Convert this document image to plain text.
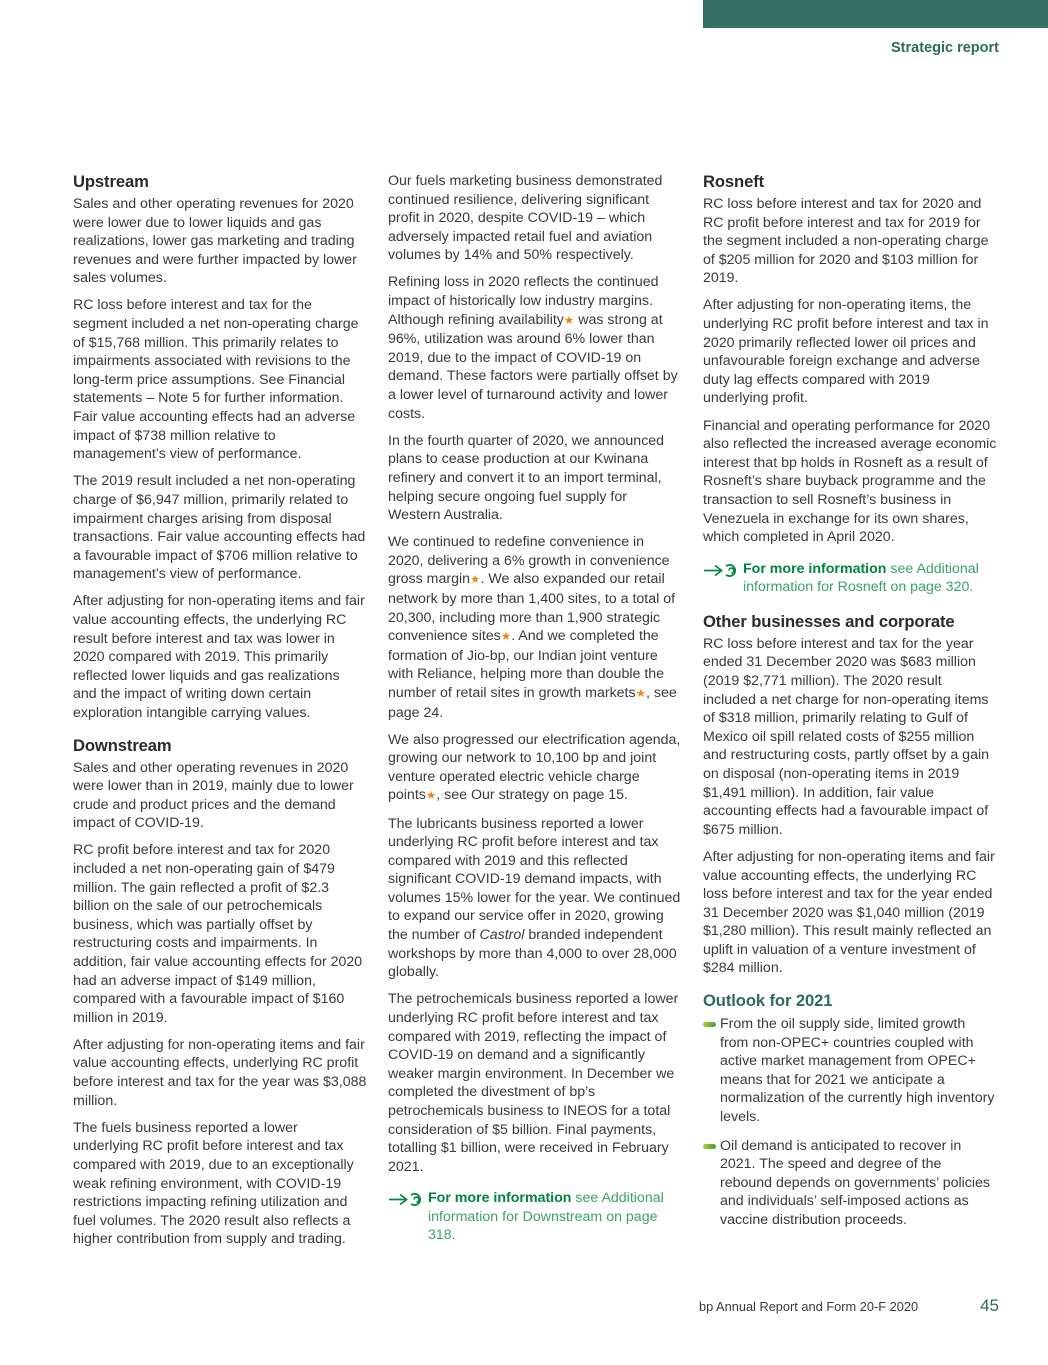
Strategic report
Upstream

Sales and other operating revenues for 2020 were lower due to lower liquids and gas realizations, lower gas marketing and trading revenues and were further impacted by lower sales volumes.

RC loss before interest and tax for the segment included a net non-operating charge of $15,768 million. This primarily relates to impairments associated with revisions to the long-term price assumptions. See Financial statements – Note 5 for further information. Fair value accounting effects had an adverse impact of $738 million relative to management’s view of performance.

The 2019 result included a net non-operating charge of $6,947 million, primarily related to impairment charges arising from disposal transactions. Fair value accounting effects had a favourable impact of $706 million relative to management’s view of performance.

After adjusting for non-operating items and fair value accounting effects, the underlying RC result before interest and tax was lower in 2020 compared with 2019. This primarily reflected lower liquids and gas realizations and the impact of writing down certain exploration intangible carrying values.

Downstream

Sales and other operating revenues in 2020 were lower than in 2019, mainly due to lower crude and product prices and the demand impact of COVID-19.

RC profit before interest and tax for 2020 included a net non-operating gain of $479 million. The gain reflected a profit of $2.3 billion on the sale of our petrochemicals business, which was partially offset by restructuring costs and impairments. In addition, fair value accounting effects for 2020 had an adverse impact of $149 million, compared with a favourable impact of $160 million in 2019.

After adjusting for non-operating items and fair value accounting effects, underlying RC profit before interest and tax for the year was $3,088 million.

The fuels business reported a lower underlying RC profit before interest and tax compared with 2019, due to an exceptionally weak refining environment, with COVID-19 restrictions impacting refining utilization and fuel volumes. The 2020 result also reflects a higher contribution from supply and trading.

Our fuels marketing business demonstrated continued resilience, delivering significant profit in 2020, despite COVID-19 – which adversely impacted retail fuel and aviation volumes by 14% and 50% respectively.

Refining loss in 2020 reflects the continued impact of historically low industry margins. Although refining availability★ was strong at 96%, utilization was around 6% lower than 2019, due to the impact of COVID-19 on demand. These factors were partially offset by a lower level of turnaround activity and lower costs.

In the fourth quarter of 2020, we announced plans to cease production at our Kwinana refinery and convert it to an import terminal, helping secure ongoing fuel supply for Western Australia.

We continued to redefine convenience in 2020, delivering a 6% growth in convenience gross margin★. We also expanded our retail network by more than 1,400 sites, to a total of 20,300, including more than 1,900 strategic convenience sites★. And we completed the formation of Jio-bp, our Indian joint venture with Reliance, helping more than double the number of retail sites in growth markets★, see page 24.

We also progressed our electrification agenda, growing our network to 10,100 bp and joint venture operated electric vehicle charge points★, see Our strategy on page 15.

The lubricants business reported a lower underlying RC profit before interest and tax compared with 2019 and this reflected significant COVID-19 demand impacts, with volumes 15% lower for the year. We continued to expand our service offer in 2020, growing the number of Castrol branded independent workshops by more than 4,000 to over 28,000 globally.

The petrochemicals business reported a lower underlying RC profit before interest and tax compared with 2019, reflecting the impact of COVID-19 on demand and a significantly weaker margin environment. In December we completed the divestment of bp’s petrochemicals business to INEOS for a total consideration of $5 billion. Final payments, totalling $1 billion, were received in February 2021.

For more information see Additional information for Downstream on page 318.
Rosneft

RC loss before interest and tax for 2020 and RC profit before interest and tax for 2019 for the segment included a non-operating charge of $205 million for 2020 and $103 million for 2019.

After adjusting for non-operating items, the underlying RC profit before interest and tax in 2020 primarily reflected lower oil prices and unfavourable foreign exchange and adverse duty lag effects compared with 2019 underlying profit.

Financial and operating performance for 2020 also reflected the increased average economic interest that bp holds in Rosneft as a result of Rosneft’s share buyback programme and the transaction to sell Rosneft’s business in Venezuela in exchange for its own shares, which completed in April 2020.

For more information see Additional information for Rosneft on page 320.
Other businesses and corporate

RC loss before interest and tax for the year ended 31 December 2020 was $683 million (2019 $2,771 million). The 2020 result included a net charge for non-operating items of $318 million, primarily relating to Gulf of Mexico oil spill related costs of $255 million and restructuring costs, partly offset by a gain on disposal (non-operating items in 2019 $1,491 million). In addition, fair value accounting effects had a favourable impact of $675 million.

After adjusting for non-operating items and fair value accounting effects, the underlying RC loss before interest and tax for the year ended 31 December 2020 was $1,040 million (2019 $1,280 million). This result mainly reflected an uplift in valuation of a venture investment of $284 million.

Outlook for 2021
From the oil supply side, limited growth from non-OPEC+ countries coupled with active market management from OPEC+ means that for 2021 we anticipate a normalization of the currently high inventory levels.
Oil demand is anticipated to recover in 2021. The speed and degree of the rebound depends on governments’ policies and individuals’ self-imposed actions as vaccine distribution proceeds.
bp Annual Report and Form 20-F 2020	45
